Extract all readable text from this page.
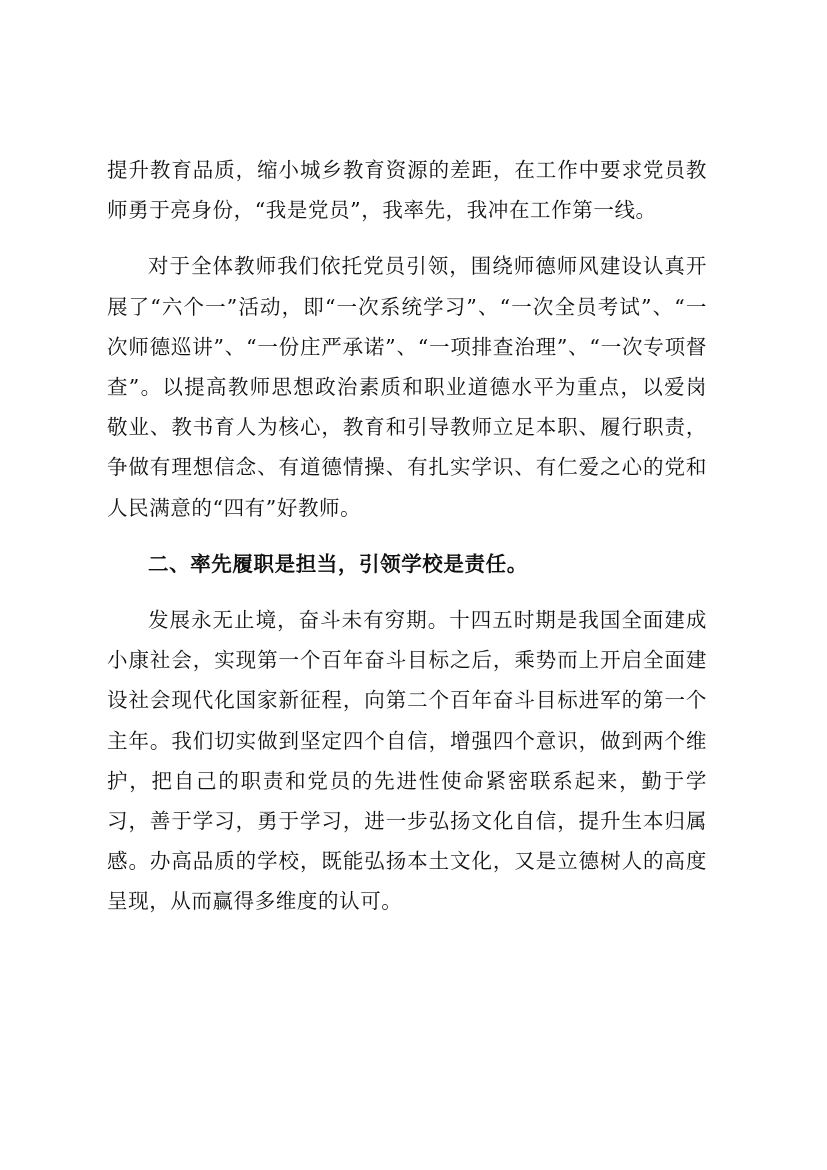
提升教育品质，缩小城乡教育资源的差距，在工作中要求党员教师勇于亮身份，“我是党员”，我率先，我冲在工作第一线。

对于全体教师我们依托党员引领，围绕师德师风建设认真开展了“六个一”活动，即“一次系统学习”、“一次全员考试”、“一次师德巡讲”、“一份庄严承诺”、“一项排查治理”、“一次专项督查”。以提高教师思想政治素质和职业道德水平为重点，以爱岗敬业、教书育人为核心，教育和引导教师立足本职、履行职责，争做有理想信念、有道德情操、有扎实学识、有仁爱之心的党和人民满意的“四有”好教师。

二、率先履职是担当，引领学校是责任。

发展永无止境，奋斗未有穷期。十四五时期是我国全面建成小康社会，实现第一个百年奋斗目标之后，乘势而上开启全面建设社会现代化国家新征程，向第二个百年奋斗目标进军的第一个主年。我们切实做到坚定四个自信，增强四个意识，做到两个维护，把自己的职责和党员的先进性使命紧密联系起来，勤于学习，善于学习，勇于学习，进一步弘扬文化自信，提升生本归属感。办高品质的学校，既能弘扬本土文化，又是立德树人的高度呈现，从而赢得多维度的认可。
